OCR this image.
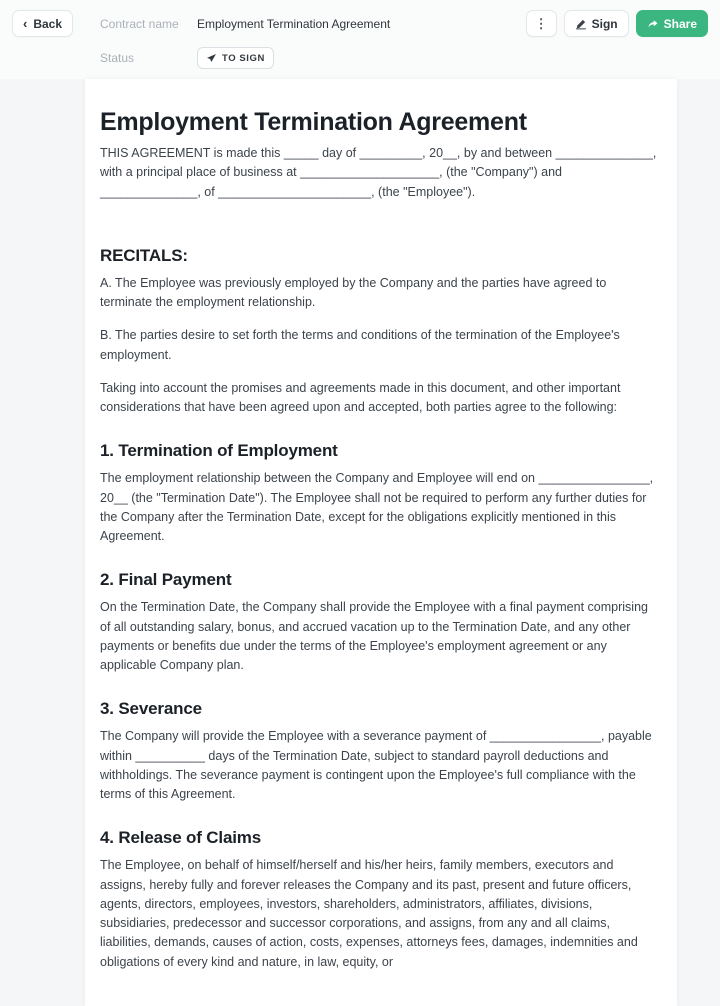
‹ Back	Contract name	Employment Termination Agreement	⋮	Sign	Share
Status	TO SIGN
Employment Termination Agreement

THIS AGREEMENT is made this _____ day of _________, 20__, by and between ______________, with a principal place of business at ____________________, (the "Company") and ______________, of ______________________, (the "Employee").

RECITALS:

A. The Employee was previously employed by the Company and the parties have agreed to terminate the employment relationship.

B. The parties desire to set forth the terms and conditions of the termination of the Employee's employment.

Taking into account the promises and agreements made in this document, and other important considerations that have been agreed upon and accepted, both parties agree to the following:

1. Termination of Employment

The employment relationship between the Company and Employee will end on ________________, 20__ (the "Termination Date"). The Employee shall not be required to perform any further duties for the Company after the Termination Date, except for the obligations explicitly mentioned in this Agreement.

2. Final Payment

On the Termination Date, the Company shall provide the Employee with a final payment comprising of all outstanding salary, bonus, and accrued vacation up to the Termination Date, and any other payments or benefits due under the terms of the Employee's employment agreement or any applicable Company plan.

3. Severance

The Company will provide the Employee with a severance payment of ________________, payable within __________ days of the Termination Date, subject to standard payroll deductions and withholdings. The severance payment is contingent upon the Employee's full compliance with the terms of this Agreement.

4. Release of Claims

The Employee, on behalf of himself/herself and his/her heirs, family members, executors and assigns, hereby fully and forever releases the Company and its past, present and future officers, agents, directors, employees, investors, shareholders, administrators, affiliates, divisions, subsidiaries, predecessor and successor corporations, and assigns, from any and all claims, liabilities, demands, causes of action, costs, expenses, attorneys fees, damages, indemnities and obligations of every kind and nature, in law, equity, or
